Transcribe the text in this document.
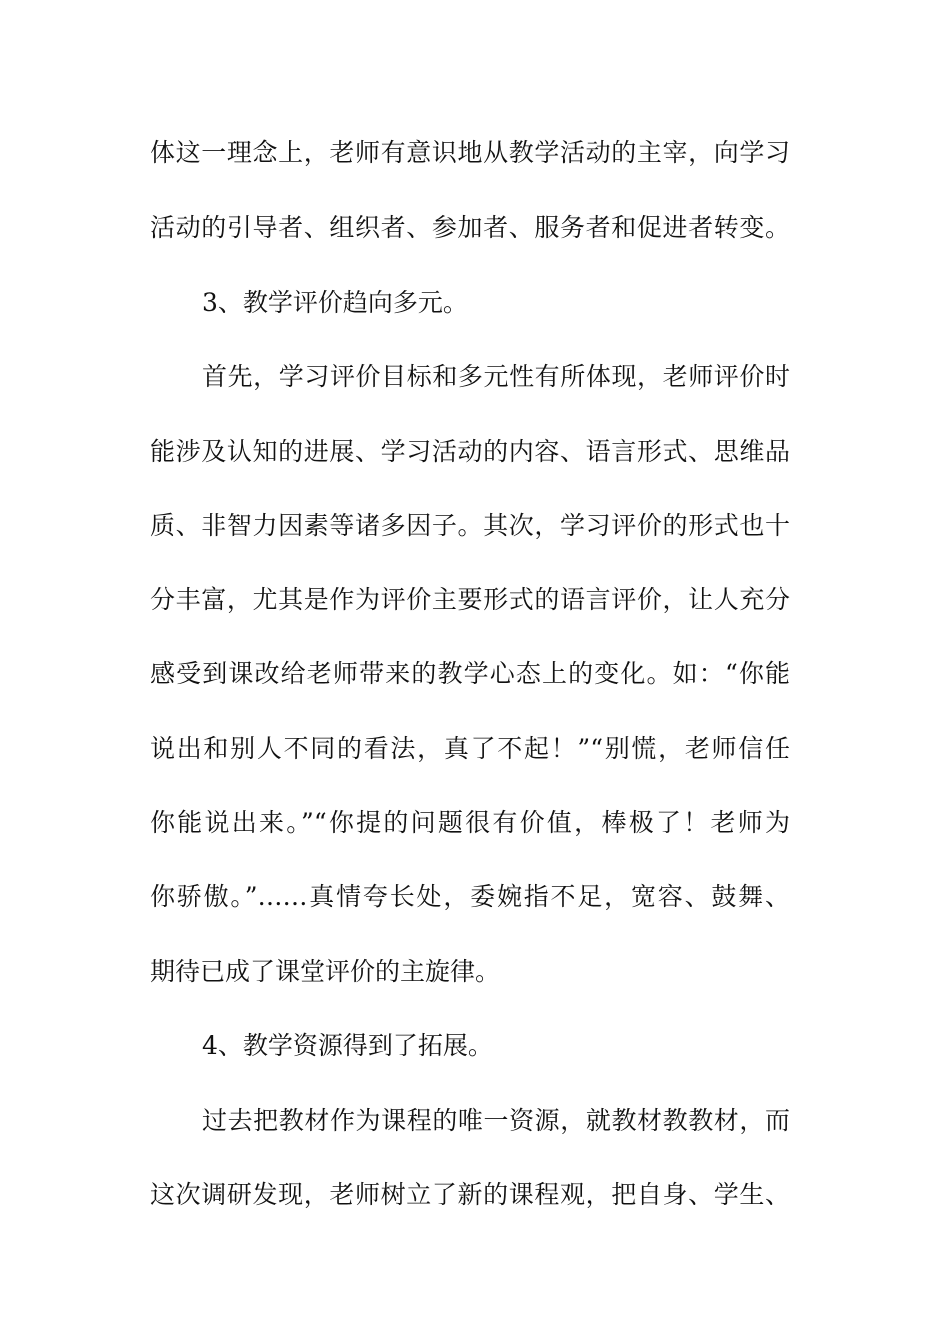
体这一理念上，老师有意识地从教学活动的主宰，向学习
活动的引导者、组织者、参加者、服务者和促进者转变。
3、教学评价趋向多元。
首先，学习评价目标和多元性有所体现，老师评价时
能涉及认知的进展、学习活动的内容、语言形式、思维品
质、非智力因素等诸多因子。其次，学习评价的形式也十
分丰富，尤其是作为评价主要形式的语言评价，让人充分
感受到课改给老师带来的教学心态上的变化。如：“你能
说出和别人不同的看法，真了不起！”“别慌，老师信任
你能说出来。”“你提的问题很有价值，棒极了！老师为
你骄傲。”……真情夸长处，委婉指不足，宽容、鼓舞、
期待已成了课堂评价的主旋律。
4、教学资源得到了拓展。
过去把教材作为课程的唯一资源，就教材教教材，而
这次调研发现，老师树立了新的课程观，把自身、学生、
